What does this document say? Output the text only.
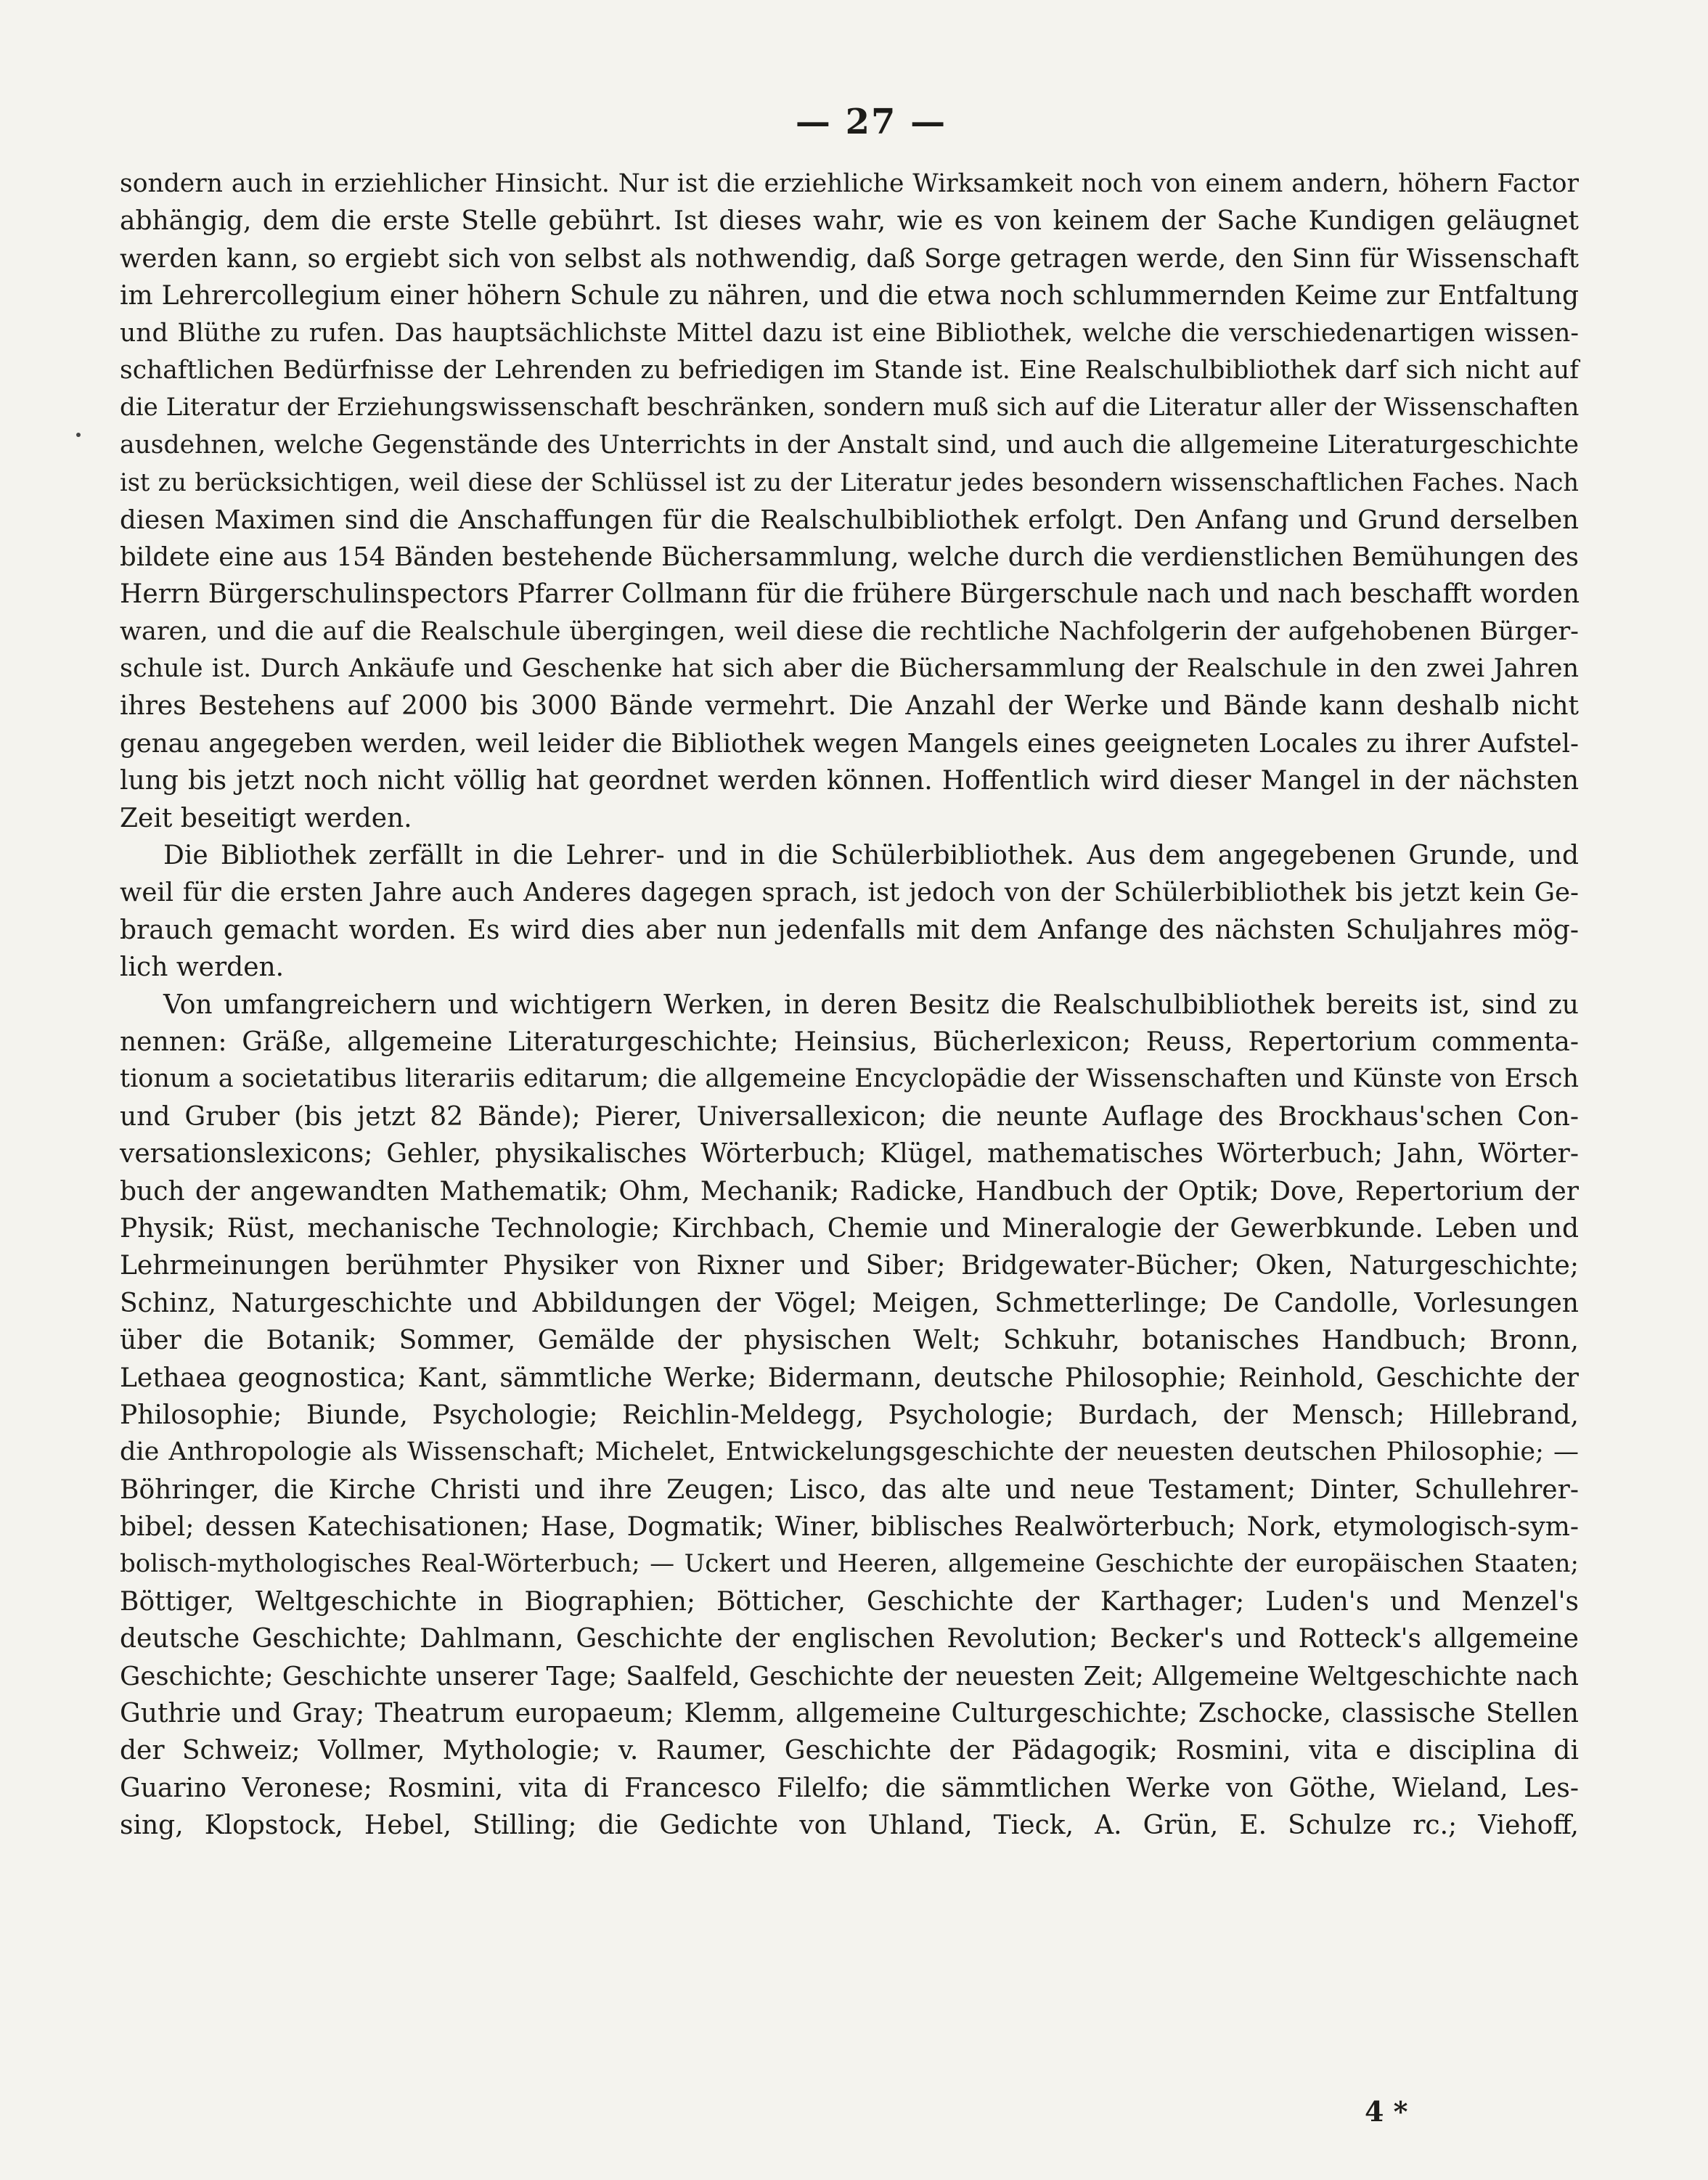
— 27 —
sondern auch in erziehlicher Hinsicht. Nur ist die erziehliche Wirksamkeit noch von einem andern, höhern Factor
abhängig, dem die erste Stelle gebührt. Ist dieses wahr, wie es von keinem der Sache Kundigen geläugnet
werden kann, so ergiebt sich von selbst als nothwendig, daß Sorge getragen werde, den Sinn für Wissenschaft
im Lehrercollegium einer höhern Schule zu nähren, und die etwa noch schlummernden Keime zur Entfaltung
und Blüthe zu rufen. Das hauptsächlichste Mittel dazu ist eine Bibliothek, welche die verschiedenartigen wissen-
schaftlichen Bedürfnisse der Lehrenden zu befriedigen im Stande ist. Eine Realschulbibliothek darf sich nicht auf
die Literatur der Erziehungswissenschaft beschränken, sondern muß sich auf die Literatur aller der Wissenschaften
ausdehnen, welche Gegenstände des Unterrichts in der Anstalt sind, und auch die allgemeine Literaturgeschichte
ist zu berücksichtigen, weil diese der Schlüssel ist zu der Literatur jedes besondern wissenschaftlichen Faches. Nach
diesen Maximen sind die Anschaffungen für die Realschulbibliothek erfolgt. Den Anfang und Grund derselben
bildete eine aus 154 Bänden bestehende Büchersammlung, welche durch die verdienstlichen Bemühungen des
Herrn Bürgerschulinspectors Pfarrer Collmann für die frühere Bürgerschule nach und nach beschafft worden
waren, und die auf die Realschule übergingen, weil diese die rechtliche Nachfolgerin der aufgehobenen Bürger-
schule ist. Durch Ankäufe und Geschenke hat sich aber die Büchersammlung der Realschule in den zwei Jahren
ihres Bestehens auf 2000 bis 3000 Bände vermehrt. Die Anzahl der Werke und Bände kann deshalb nicht
genau angegeben werden, weil leider die Bibliothek wegen Mangels eines geeigneten Locales zu ihrer Aufstel-
lung bis jetzt noch nicht völlig hat geordnet werden können. Hoffentlich wird dieser Mangel in der nächsten
Zeit beseitigt werden.
Die Bibliothek zerfällt in die Lehrer- und in die Schülerbibliothek. Aus dem angegebenen Grunde, und
weil für die ersten Jahre auch Anderes dagegen sprach, ist jedoch von der Schülerbibliothek bis jetzt kein Ge-
brauch gemacht worden. Es wird dies aber nun jedenfalls mit dem Anfange des nächsten Schuljahres mög-
lich werden.
Von umfangreichern und wichtigern Werken, in deren Besitz die Realschulbibliothek bereits ist, sind zu
nennen: Gräße, allgemeine Literaturgeschichte; Heinsius, Bücherlexicon; Reuss, Repertorium commenta-
tionum a societatibus literariis editarum; die allgemeine Encyclopädie der Wissenschaften und Künste von Ersch
und Gruber (bis jetzt 82 Bände); Pierer, Universallexicon; die neunte Auflage des Brockhaus'schen Con-
versationslexicons; Gehler, physikalisches Wörterbuch; Klügel, mathematisches Wörterbuch; Jahn, Wörter-
buch der angewandten Mathematik; Ohm, Mechanik; Radicke, Handbuch der Optik; Dove, Repertorium der
Physik; Rüst, mechanische Technologie; Kirchbach, Chemie und Mineralogie der Gewerbkunde. Leben und
Lehrmeinungen berühmter Physiker von Rixner und Siber; Bridgewater-Bücher; Oken, Naturgeschichte;
Schinz, Naturgeschichte und Abbildungen der Vögel; Meigen, Schmetterlinge; De Candolle, Vorlesungen
über die Botanik; Sommer, Gemälde der physischen Welt; Schkuhr, botanisches Handbuch; Bronn,
Lethaea geognostica; Kant, sämmtliche Werke; Bidermann, deutsche Philosophie; Reinhold, Geschichte der
Philosophie; Biunde, Psychologie; Reichlin-Meldegg, Psychologie; Burdach, der Mensch; Hillebrand,
die Anthropologie als Wissenschaft; Michelet, Entwickelungsgeschichte der neuesten deutschen Philosophie; —
Böhringer, die Kirche Christi und ihre Zeugen; Lisco, das alte und neue Testament; Dinter, Schullehrer-
bibel; dessen Katechisationen; Hase, Dogmatik; Winer, biblisches Realwörterbuch; Nork, etymologisch-sym-
bolisch-mythologisches Real-Wörterbuch; — Uckert und Heeren, allgemeine Geschichte der europäischen Staaten;
Böttiger, Weltgeschichte in Biographien; Bötticher, Geschichte der Karthager; Luden's und Menzel's
deutsche Geschichte; Dahlmann, Geschichte der englischen Revolution; Becker's und Rotteck's allgemeine
Geschichte; Geschichte unserer Tage; Saalfeld, Geschichte der neuesten Zeit; Allgemeine Weltgeschichte nach
Guthrie und Gray; Theatrum europaeum; Klemm, allgemeine Culturgeschichte; Zschocke, classische Stellen
der Schweiz; Vollmer, Mythologie; v. Raumer, Geschichte der Pädagogik; Rosmini, vita e disciplina di
Guarino Veronese; Rosmini, vita di Francesco Filelfo; die sämmtlichen Werke von Göthe, Wieland, Les-
sing, Klopstock, Hebel, Stilling; die Gedichte von Uhland, Tieck, A. Grün, E. Schulze rc.; Viehoff,
4 *
